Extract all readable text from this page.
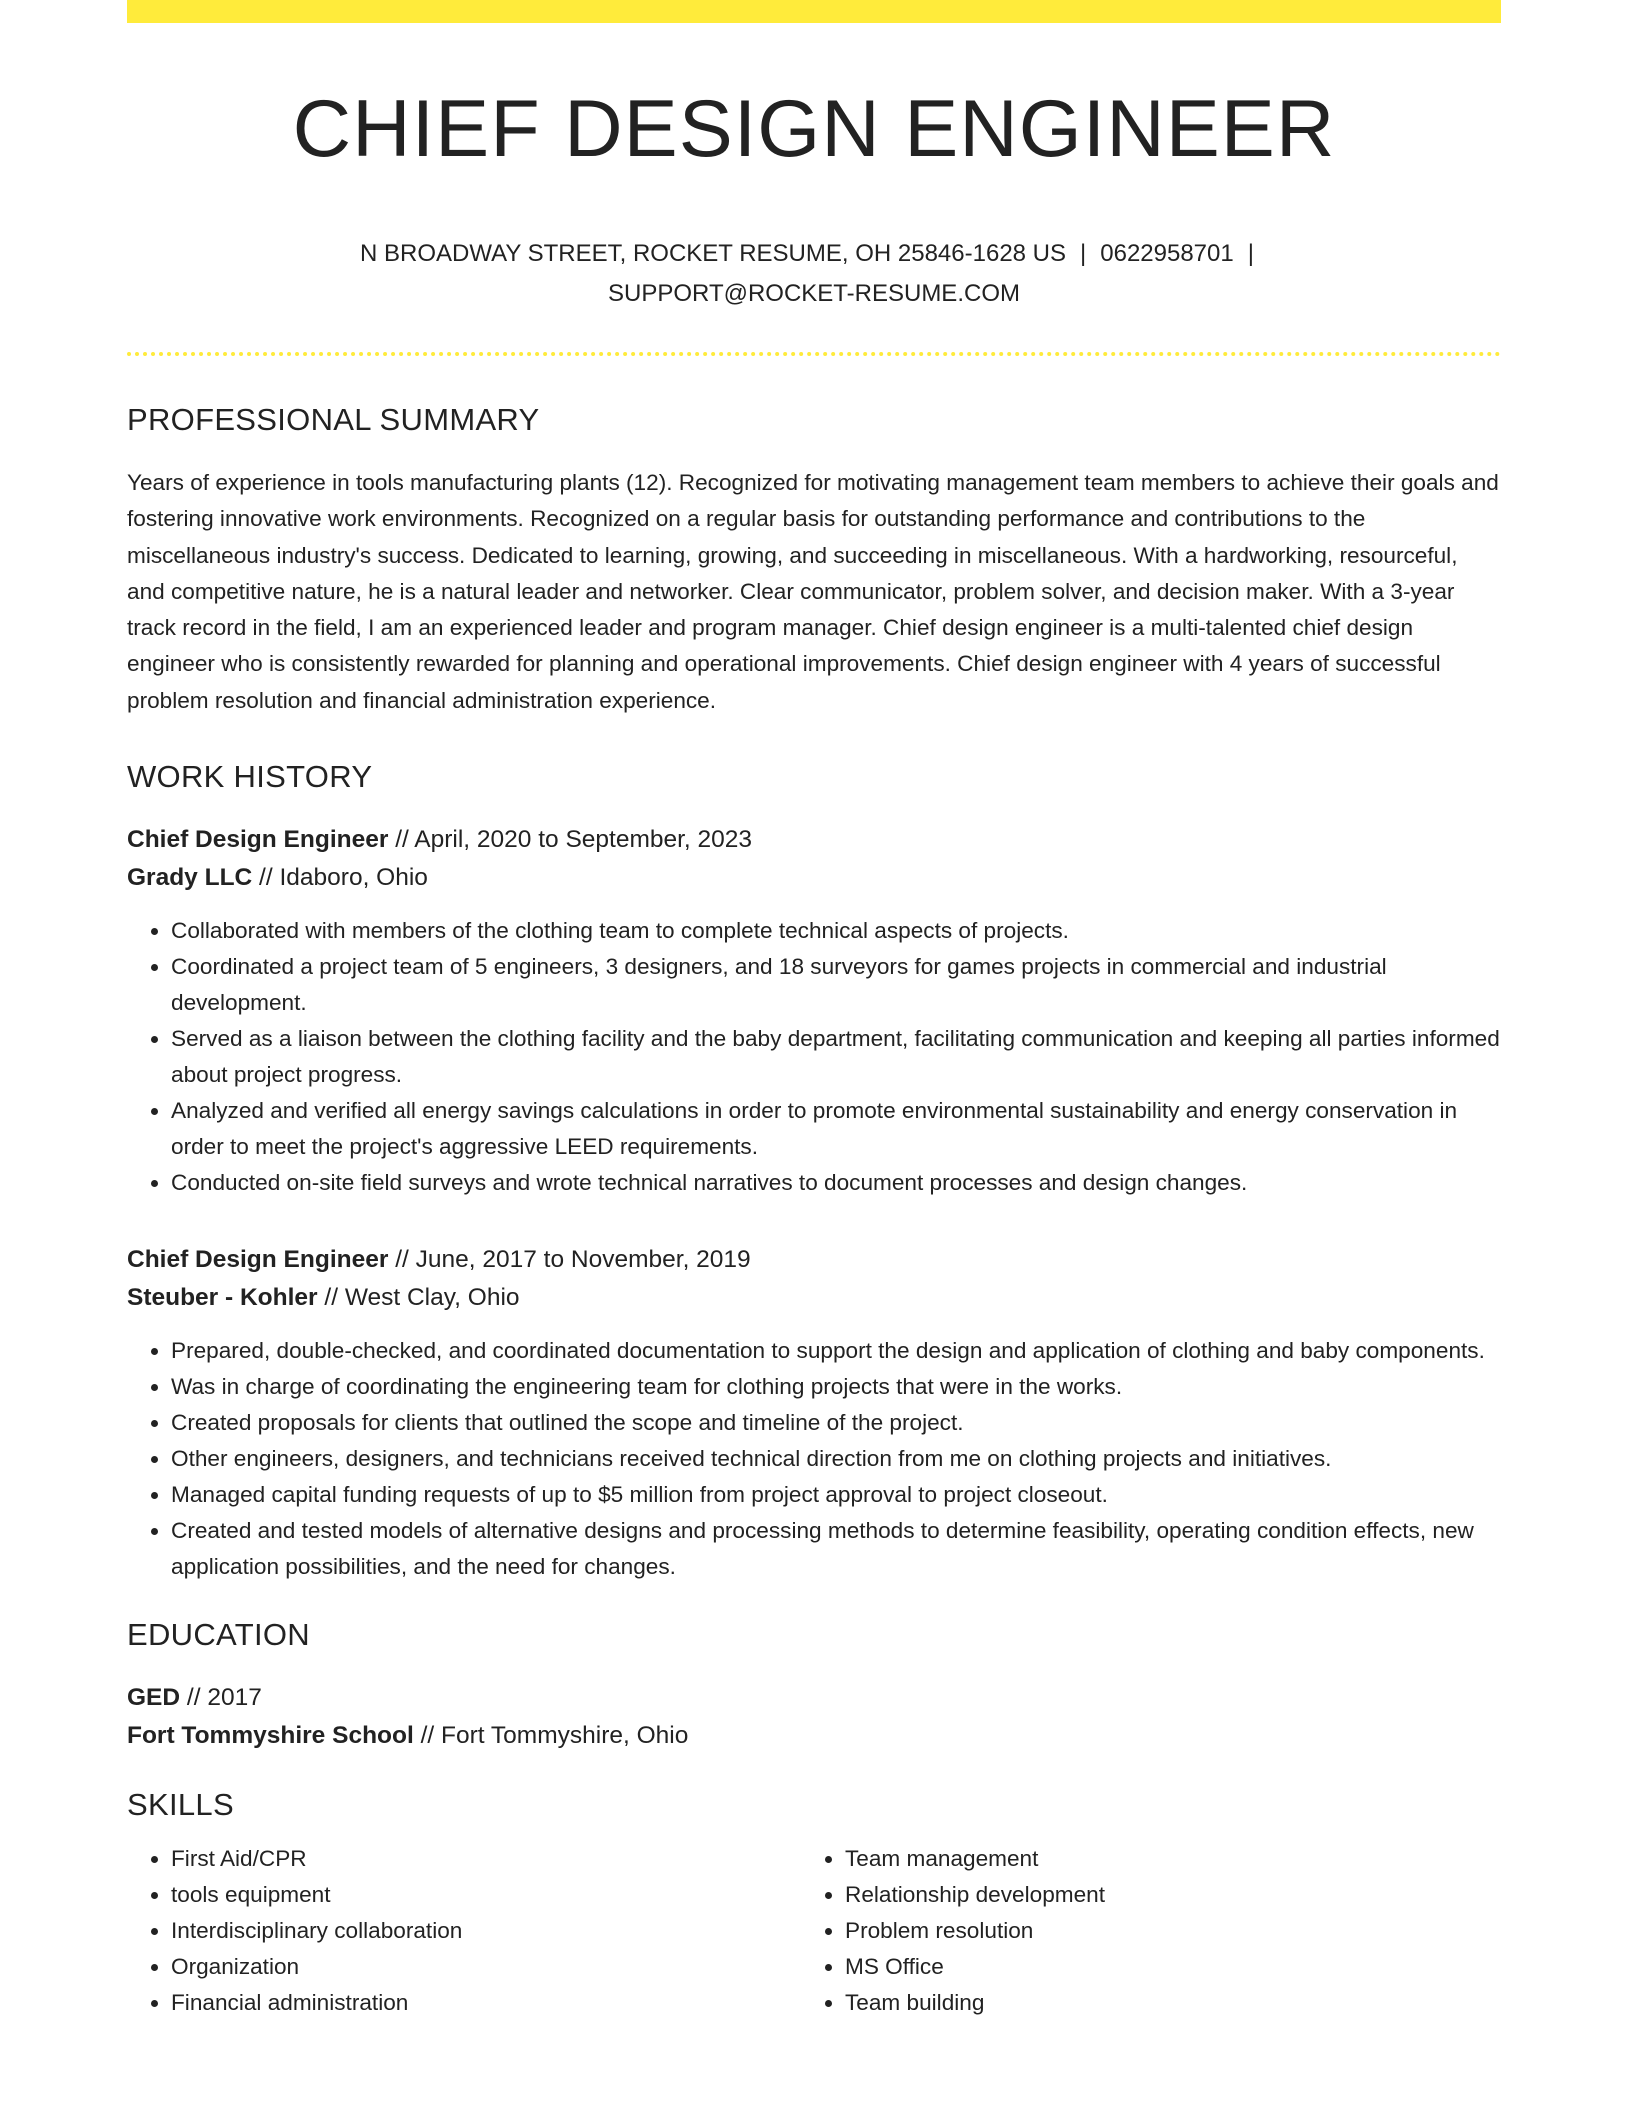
CHIEF DESIGN ENGINEER
N BROADWAY STREET, ROCKET RESUME, OH 25846-1628 US | 0622958701 |
SUPPORT@ROCKET-RESUME.COM
PROFESSIONAL SUMMARY

Years of experience in tools manufacturing plants (12). Recognized for motivating management team members to achieve their goals and fostering innovative work environments. Recognized on a regular basis for outstanding performance and contributions to the miscellaneous industry's success. Dedicated to learning, growing, and succeeding in miscellaneous. With a hardworking, resourceful, and competitive nature, he is a natural leader and networker. Clear communicator, problem solver, and decision maker. With a 3-year track record in the field, I am an experienced leader and program manager. Chief design engineer is a multi-talented chief design engineer who is consistently rewarded for planning and operational improvements. Chief design engineer with 4 years of successful problem resolution and financial administration experience.

WORK HISTORY
Chief Design Engineer // April, 2020 to September, 2023
Grady LLC // Idaboro, Ohio
• Collaborated with members of the clothing team to complete technical aspects of projects.
• Coordinated a project team of 5 engineers, 3 designers, and 18 surveyors for games projects in commercial and industrial development.
• Served as a liaison between the clothing facility and the baby department, facilitating communication and keeping all parties informed about project progress.
• Analyzed and verified all energy savings calculations in order to promote environmental sustainability and energy conservation in order to meet the project's aggressive LEED requirements.
• Conducted on-site field surveys and wrote technical narratives to document processes and design changes.
Chief Design Engineer // June, 2017 to November, 2019
Steuber - Kohler // West Clay, Ohio
• Prepared, double-checked, and coordinated documentation to support the design and application of clothing and baby components.
• Was in charge of coordinating the engineering team for clothing projects that were in the works.
• Created proposals for clients that outlined the scope and timeline of the project.
• Other engineers, designers, and technicians received technical direction from me on clothing projects and initiatives.
• Managed capital funding requests of up to $5 million from project approval to project closeout.
• Created and tested models of alternative designs and processing methods to determine feasibility, operating condition effects, new application possibilities, and the need for changes.
EDUCATION
GED // 2017
Fort Tommyshire School // Fort Tommyshire, Ohio
SKILLS
• First Aid/CPR
• tools equipment
• Interdisciplinary collaboration
• Organization
• Financial administration
• Team management
• Relationship development
• Problem resolution
• MS Office
• Team building
